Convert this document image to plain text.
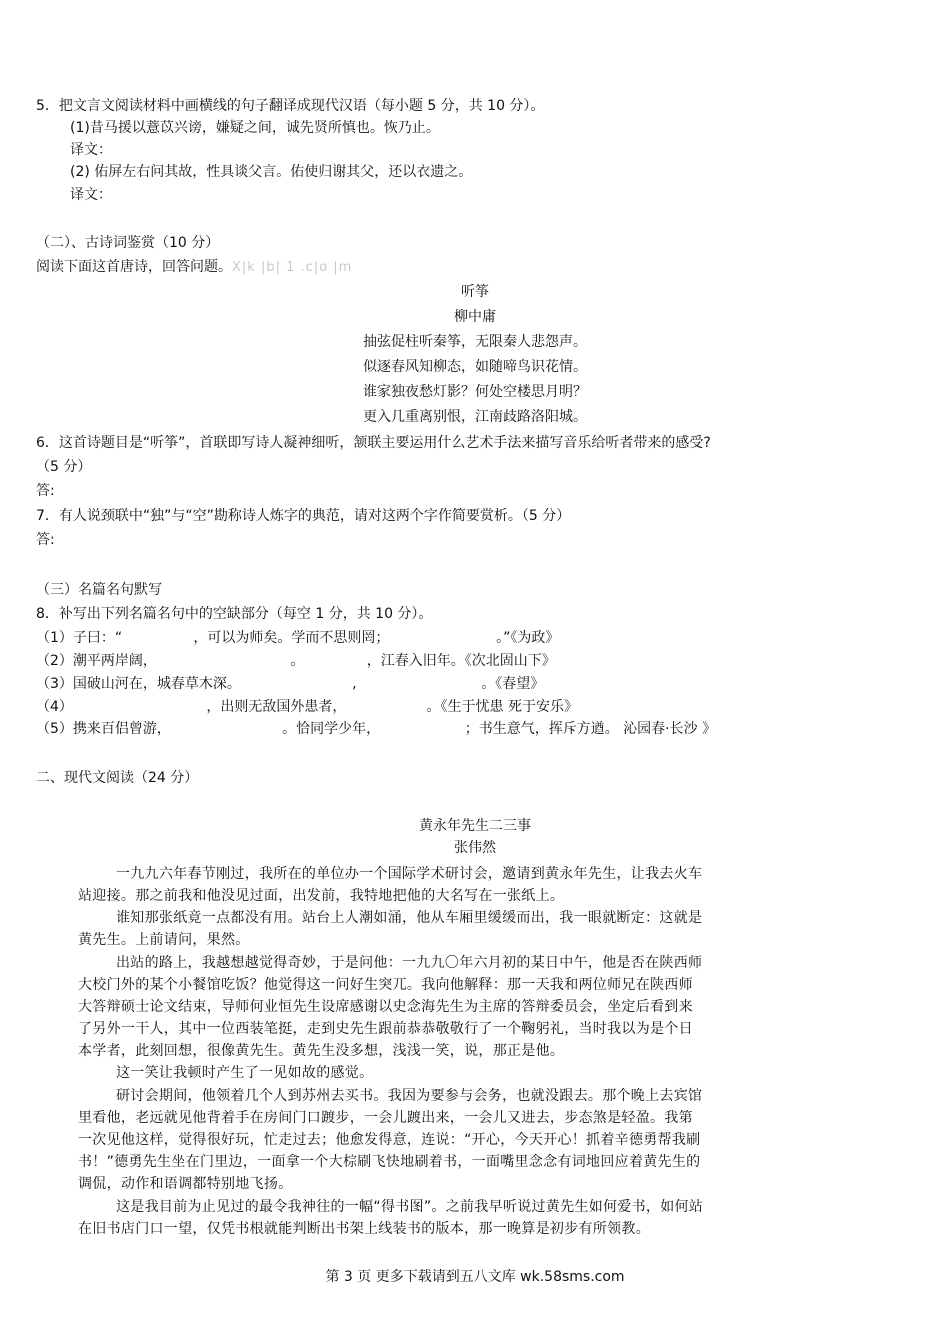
5．把文言文阅读材料中画横线的句子翻译成现代汉语（每小题 5 分，共 10 分）。
(1)昔马援以薏苡兴谤，嫌疑之间，诚先贤所慎也。恢乃止。
译文：
(2) 佑屏左右问其故，性具谈父言。佑使归谢其父，还以衣遗之。
译文：
（二）、古诗词鉴赏（10 分）
阅读下面这首唐诗，回答问题。X|k |b| 1 .c|o |m
听筝
柳中庸
抽弦促柱听秦筝，无限秦人悲怨声。
似逐春风知柳态，如随啼鸟识花情。
谁家独夜愁灯影？何处空楼思月明？
更入几重离别恨，江南歧路洛阳城。
6．这首诗题目是“听筝”，首联即写诗人凝神细听，颔联主要运用什么艺术手法来描写音乐给听者带来的感受?
（5 分）
答:
7．有人说颈联中“独”与“空”勘称诗人炼字的典范，请对这两个字作简要赏析。（5 分）
答:
（三）名篇名句默写
8．补写出下列名篇名句中的空缺部分（每空 1 分，共 10 分）。
（1）子曰：“                ，可以为师矣。学而不思则罔；                        。”《为政》
（2）潮平两岸阔，                              。              ，江春入旧年。《次北固山下》
（3）国破山河在，城春草木深。                         ,                            。《春望》
（4）                              ，出则无敌国外患者，                  。《生于忧患 死于安乐》
（5）携来百侣曾游，                         。恰同学少年，                   ；书生意气，挥斥方遒。 沁园春·长沙 》
二、现代文阅读（24 分）
黄永年先生二三事
张伟然
一九九六年春节刚过，我所在的单位办一个国际学术研讨会，邀请到黄永年先生，让我去火车
站迎接。那之前我和他没见过面，出发前，我特地把他的大名写在一张纸上。
谁知那张纸竟一点都没有用。站台上人潮如涌，他从车厢里缓缓而出，我一眼就断定：这就是
黄先生。上前请问，果然。
出站的路上，我越想越觉得奇妙，于是问他：一九九〇年六月初的某日中午，他是否在陕西师
大校门外的某个小餐馆吃饭？他觉得这一问好生突兀。我向他解释：那一天我和两位师兄在陕西师
大答辩硕士论文结束，导师何业恒先生设席感谢以史念海先生为主席的答辩委员会，坐定后看到来
了另外一干人，其中一位西装笔挺，走到史先生跟前恭恭敬敬行了一个鞠躬礼，当时我以为是个日
本学者，此刻回想，很像黄先生。黄先生没多想，浅浅一笑，说，那正是他。
这一笑让我顿时产生了一见如故的感觉。
研讨会期间，他领着几个人到苏州去买书。我因为要参与会务，也就没跟去。那个晚上去宾馆
里看他，老远就见他背着手在房间门口踱步，一会儿踱出来，一会儿又进去，步态煞是轻盈。我第
一次见他这样，觉得很好玩，忙走过去；他愈发得意，连说：“开心，今天开心！抓着辛德勇帮我刷
书！”德勇先生坐在门里边，一面拿一个大棕刷飞快地刷着书，一面嘴里念念有词地回应着黄先生的
调侃，动作和语调都特别地飞扬。
这是我目前为止见过的最令我神往的一幅“得书图”。之前我早听说过黄先生如何爱书，如何站
在旧书店门口一望，仅凭书根就能判断出书架上线装书的版本，那一晚算是初步有所领教。
第 3 页 更多下载请到五八文库 wk.58sms.com
